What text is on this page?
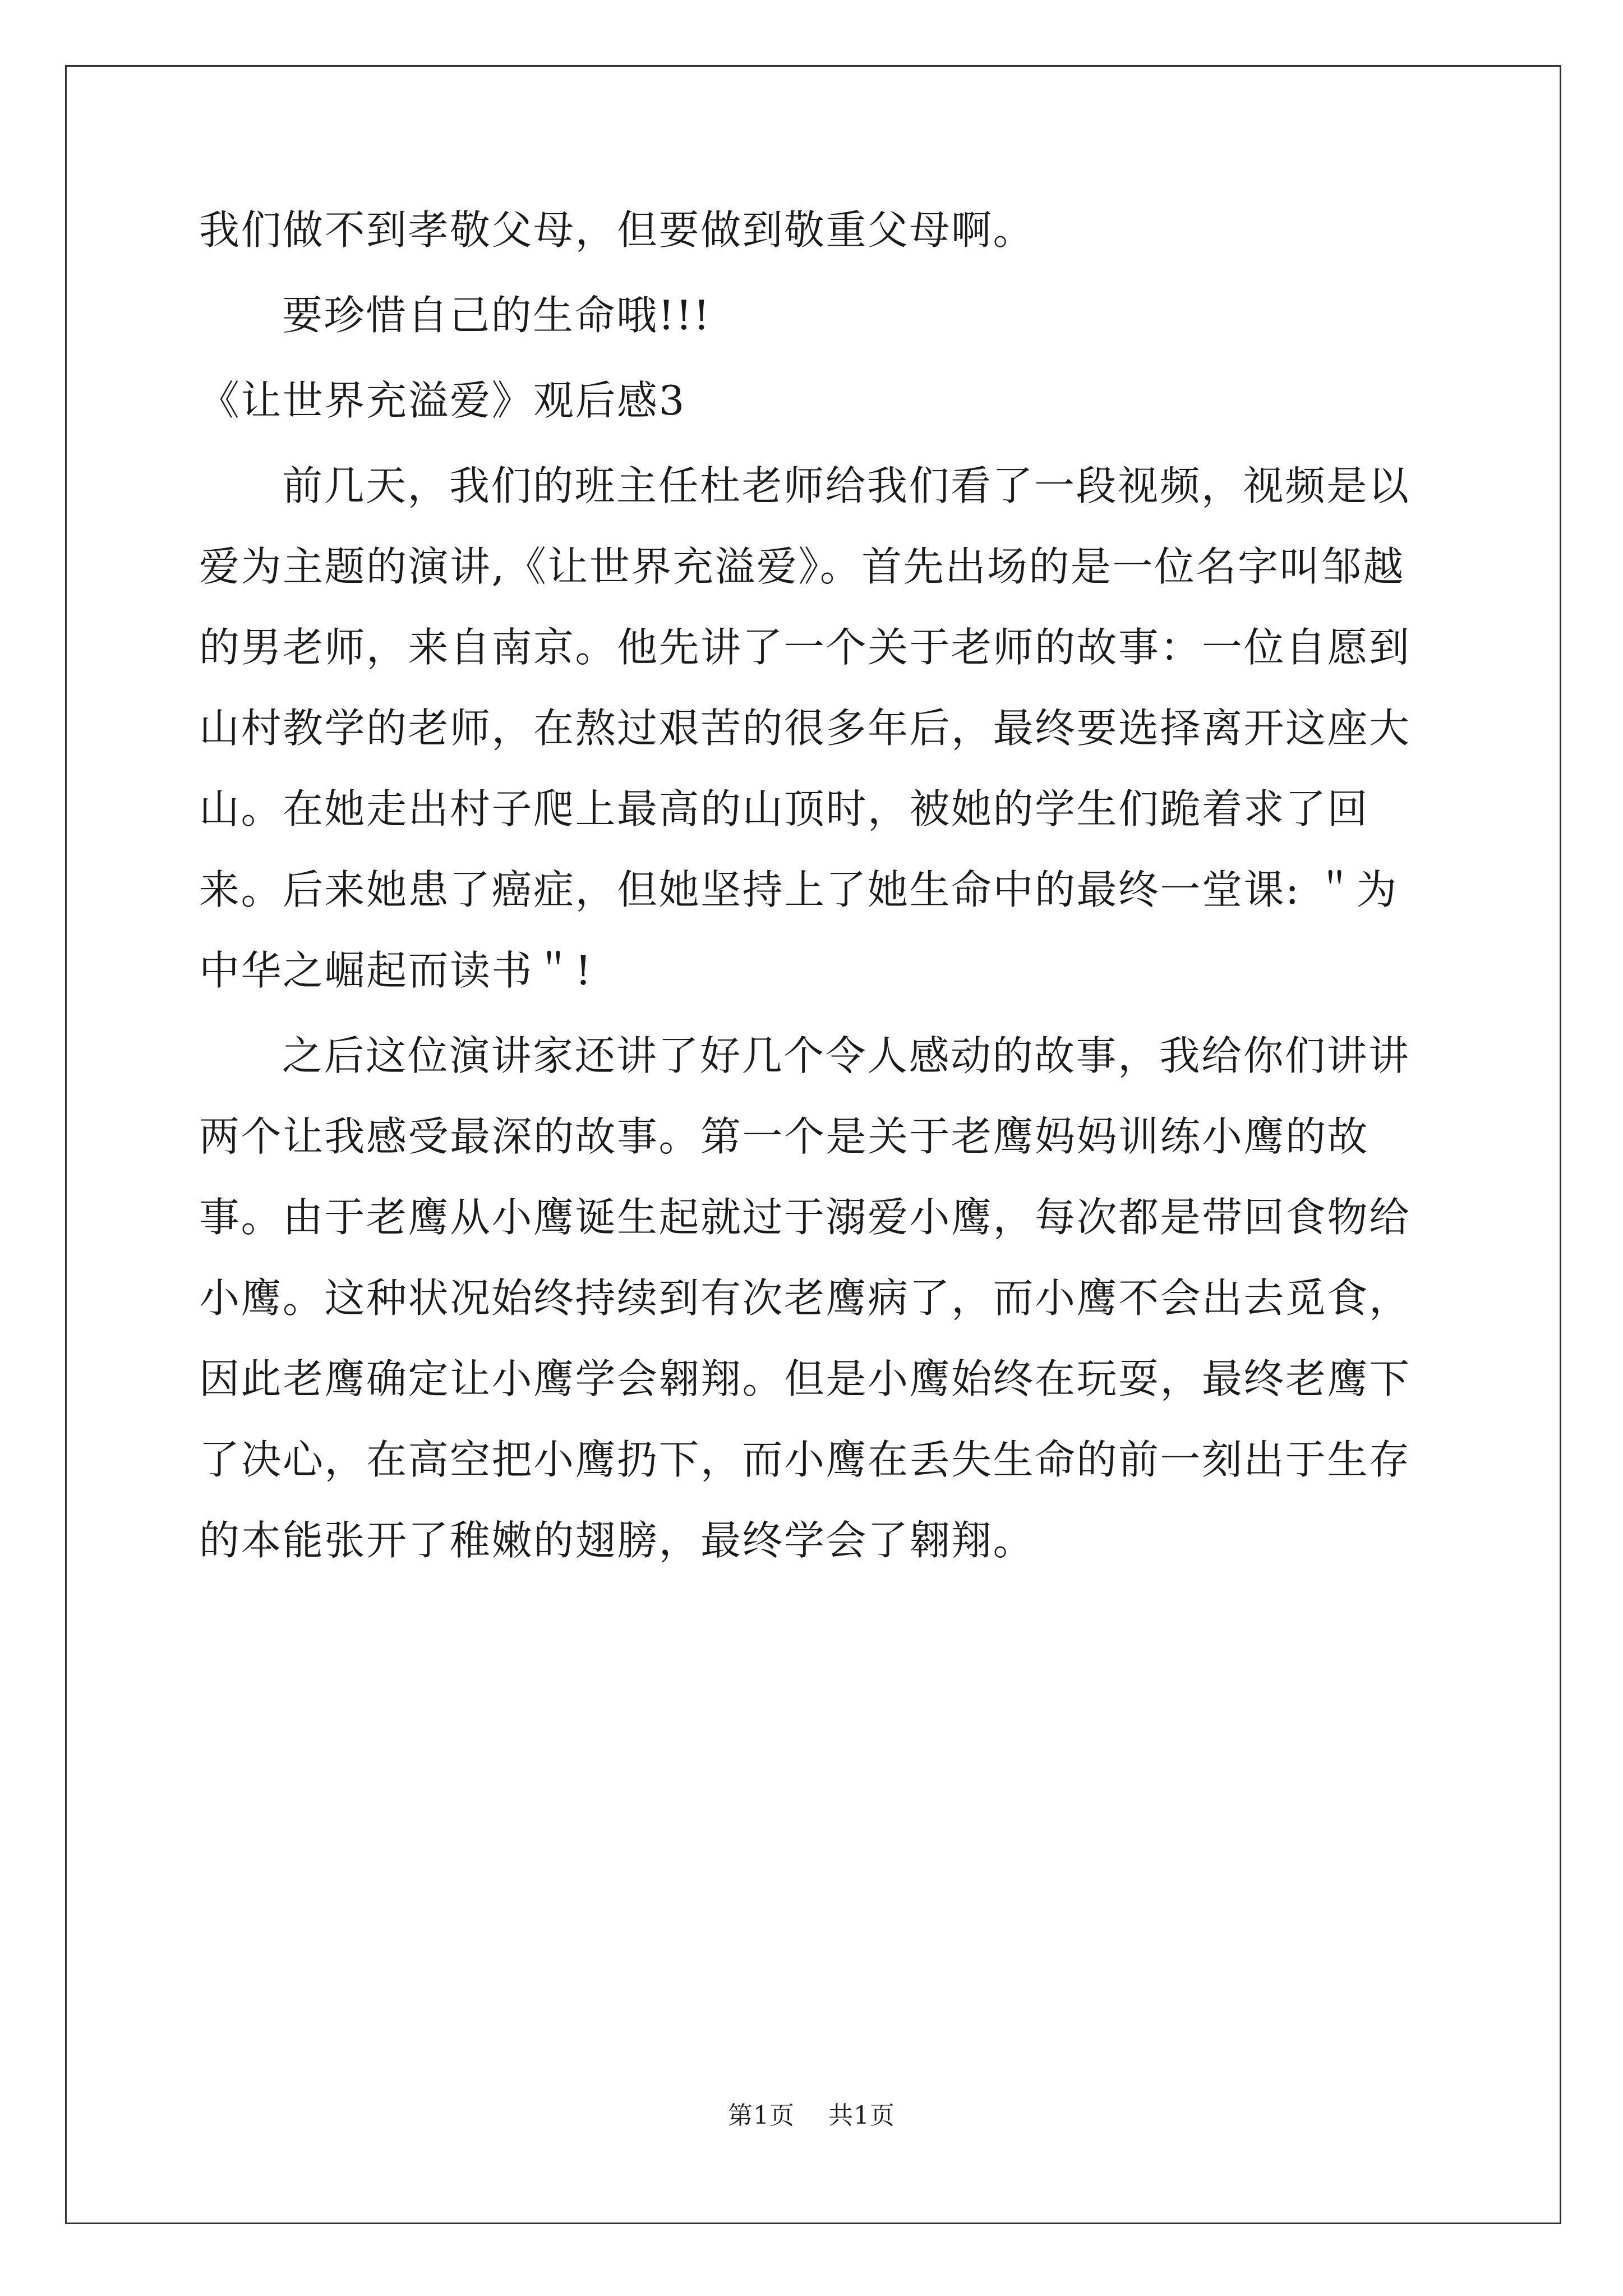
我们做不到孝敬父母，但要做到敬重父母啊。

要珍惜自己的生命哦!!!

《让世界充溢爱》观后感3

前几天，我们的班主任杜老师给我们看了一段视频，视频是以爱为主题的演讲,《让世界充溢爱》。首先出场的是一位名字叫邹越的男老师，来自南京。他先讲了一个关于老师的故事：一位自愿到山村教学的老师，在熬过艰苦的很多年后，最终要选择离开这座大山。在她走出村子爬上最高的山顶时，被她的学生们跪着求了回来。后来她患了癌症，但她坚持上了她生命中的最终一堂课: ＂为中华之崛起而读书＂!

之后这位演讲家还讲了好几个令人感动的故事，我给你们讲讲两个让我感受最深的故事。第一个是关于老鹰妈妈训练小鹰的故事。由于老鹰从小鹰诞生起就过于溺爱小鹰，每次都是带回食物给小鹰。这种状况始终持续到有次老鹰病了，而小鹰不会出去觅食，因此老鹰确定让小鹰学会翱翔。但是小鹰始终在玩耍，最终老鹰下了决心，在高空把小鹰扔下，而小鹰在丢失生命的前一刻出于生存的本能张开了稚嫩的翅膀，最终学会了翱翔。

第1页 共1页
